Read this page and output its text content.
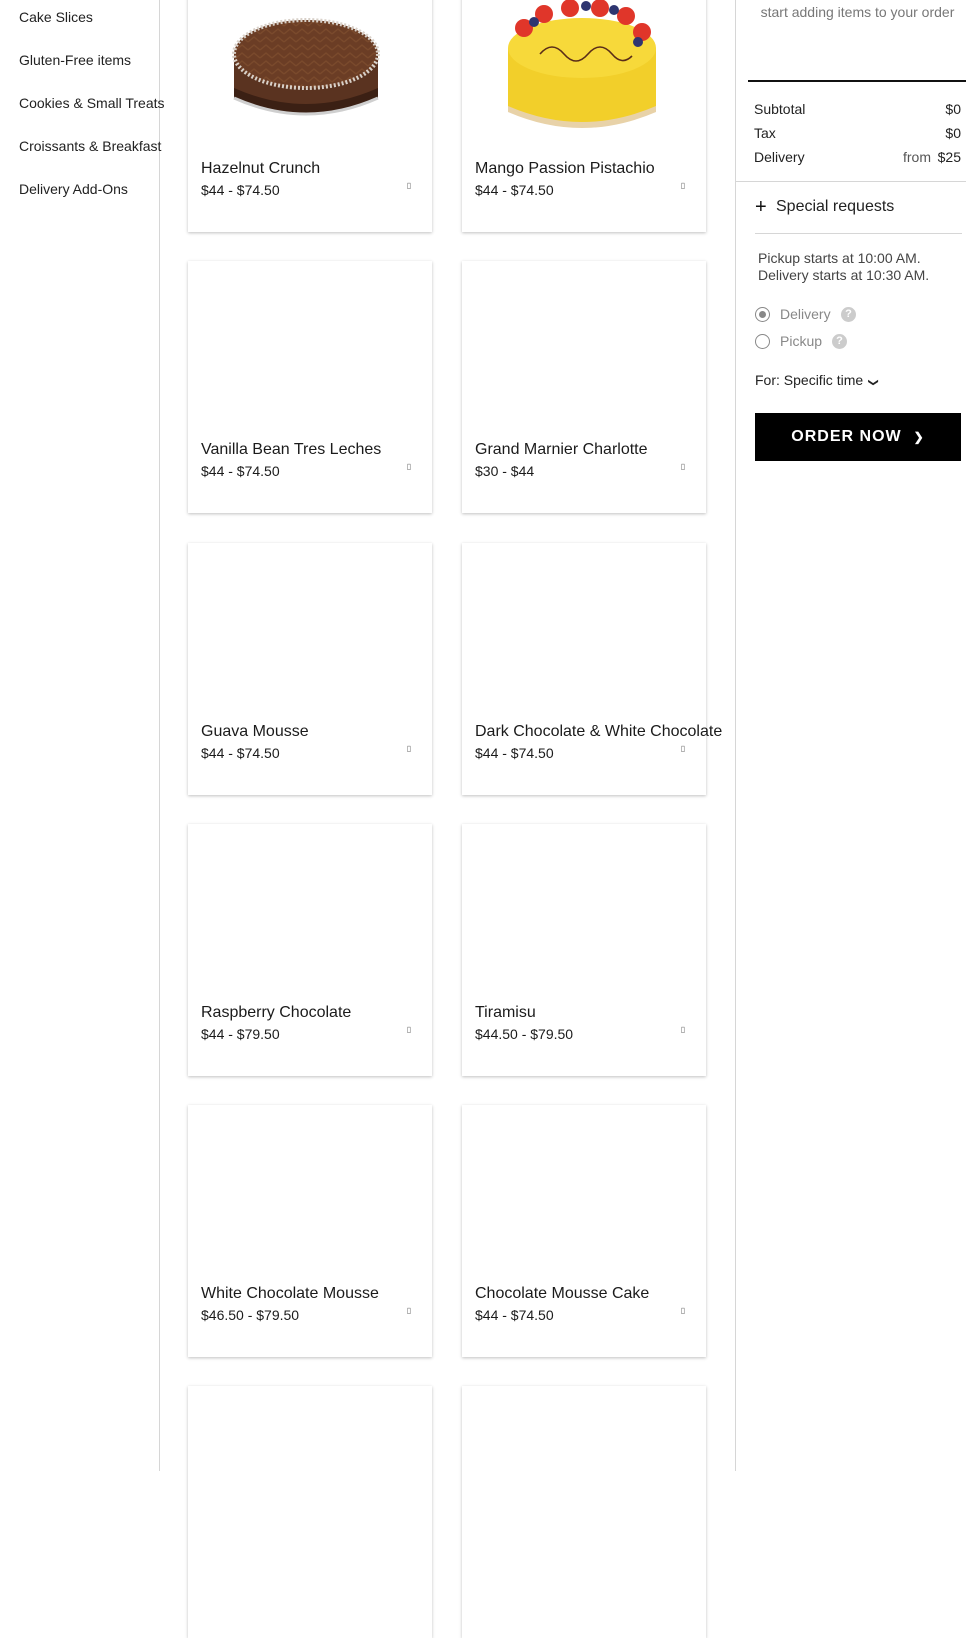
Cake Slices
Gluten-Free items
Cookies & Small Treats
Croissants & Breakfast
Delivery Add-Ons
Hazelnut Crunch
$44 - $74.50	▯
Mango Passion Pistachio
$44 - $74.50	▯
Vanilla Bean Tres Leches
$44 - $74.50	▯
Grand Marnier Charlotte
$30 - $44	▯
Guava Mousse
$44 - $74.50	▯
Dark Chocolate & White Chocolate
$44 - $74.50	▯
Raspberry Chocolate
$44 - $79.50	▯
Tiramisu
$44.50 - $79.50	▯
White Chocolate Mousse
$46.50 - $79.50	▯
Chocolate Mousse Cake
$44 - $74.50	▯
start adding items to your order
Subtotal	$0
Tax	$0
Delivery	from $25
+ Special requests
Pickup starts at 10:00 AM.
Delivery starts at 10:30 AM.
Delivery	?
Pickup	?
For: Specific time ❯
ORDER NOW ❯
